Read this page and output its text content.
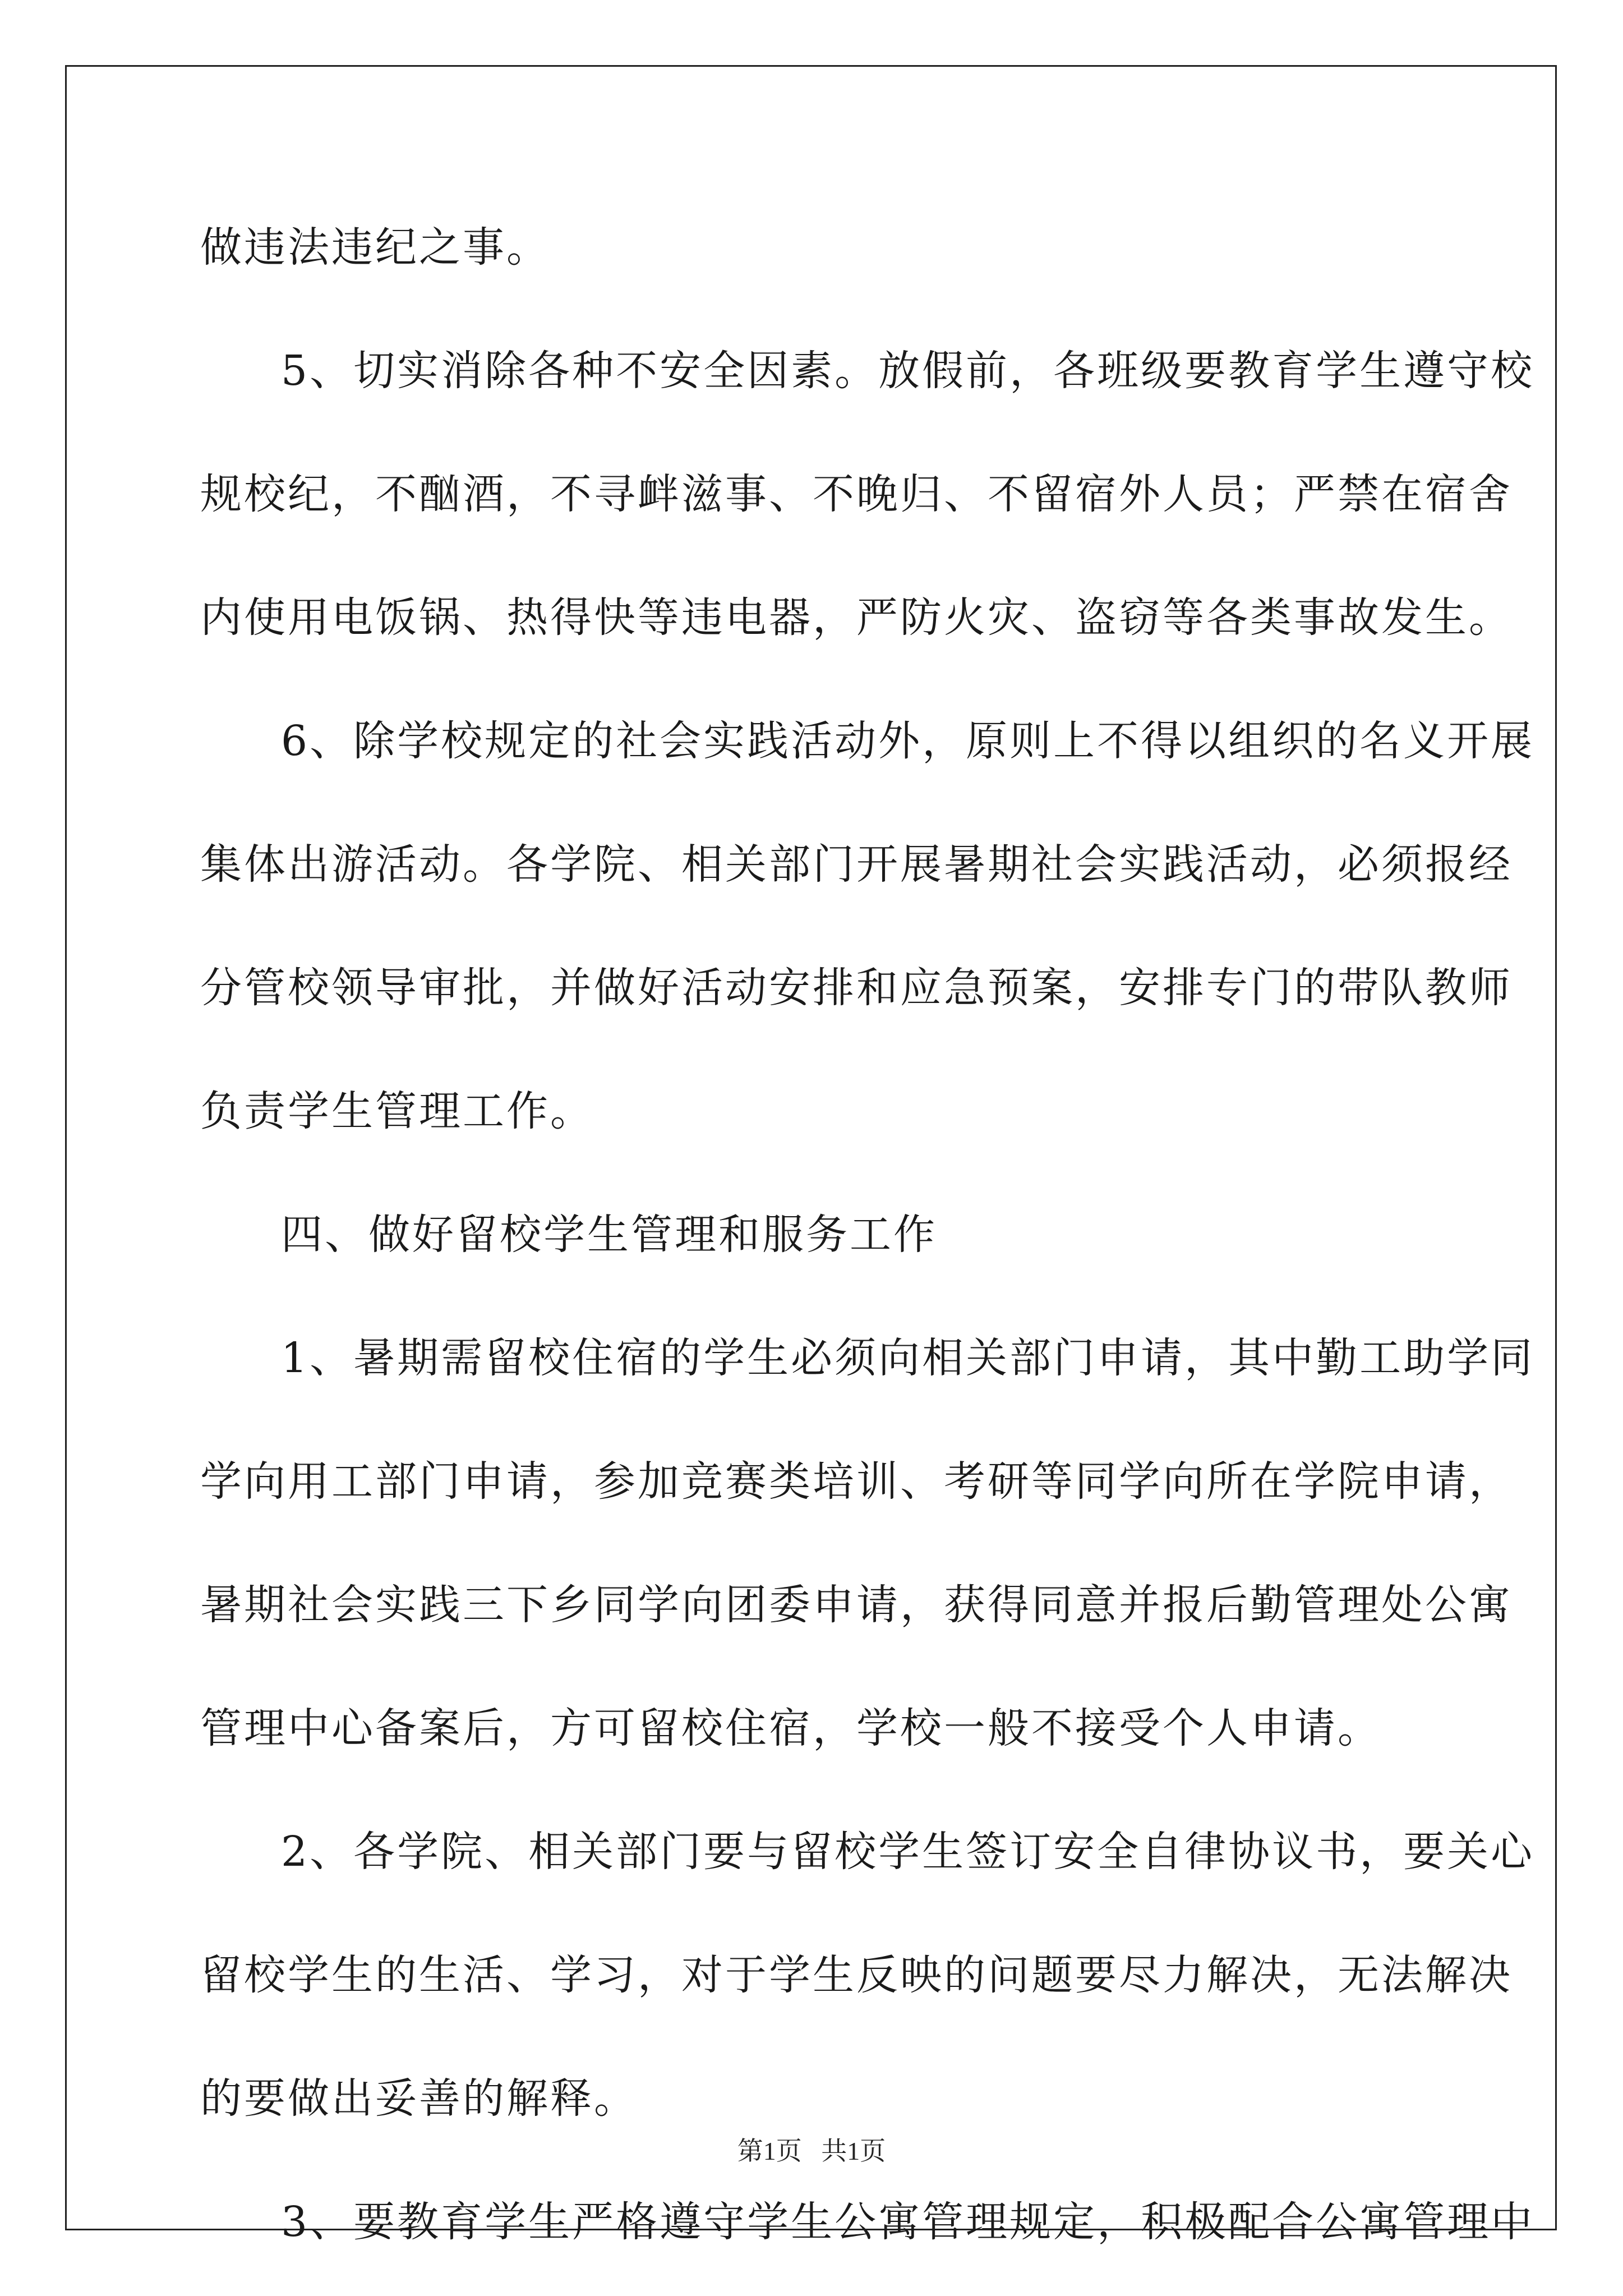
做违法违纪之事。
5、切实消除各种不安全因素。放假前，各班级要教育学生遵守校
规校纪，不酗酒，不寻衅滋事、不晚归、不留宿外人员；严禁在宿舍
内使用电饭锅、热得快等违电器，严防火灾、盗窃等各类事故发生。
6、除学校规定的社会实践活动外，原则上不得以组织的名义开展
集体出游活动。各学院、相关部门开展暑期社会实践活动，必须报经
分管校领导审批，并做好活动安排和应急预案，安排专门的带队教师
负责学生管理工作。
四、做好留校学生管理和服务工作
1、暑期需留校住宿的学生必须向相关部门申请，其中勤工助学同
学向用工部门申请，参加竞赛类培训、考研等同学向所在学院申请，
暑期社会实践三下乡同学向团委申请，获得同意并报后勤管理处公寓
管理中心备案后，方可留校住宿，学校一般不接受个人申请。
2、各学院、相关部门要与留校学生签订安全自律协议书，要关心
留校学生的生活、学习，对于学生反映的问题要尽力解决，无法解决
的要做出妥善的解释。
3、要教育学生严格遵守学生公寓管理规定，积极配合公寓管理中
第1页   共1页
